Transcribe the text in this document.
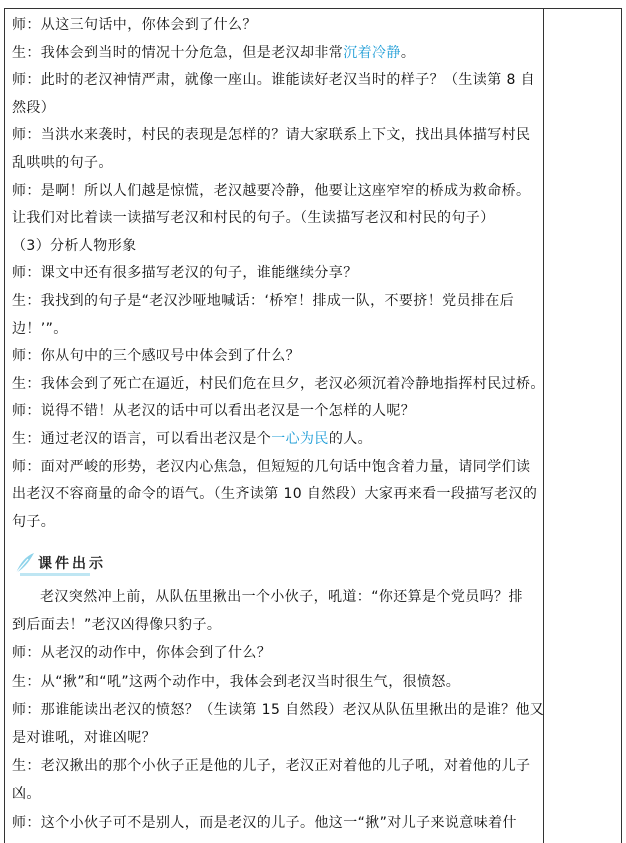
师：从这三句话中，你体会到了什么？
生：我体会到当时的情况十分危急，但是老汉却非常沉着冷静。
师：此时的老汉神情严肃，就像一座山。谁能读好老汉当时的样子？（生读第 8 自
然段）
师：当洪水来袭时，村民的表现是怎样的？请大家联系上下文，找出具体描写村民
乱哄哄的句子。
师：是啊！所以人们越是惊慌，老汉越要冷静，他要让这座窄窄的桥成为救命桥。
让我们对比着读一读描写老汉和村民的句子。（生读描写老汉和村民的句子）
（3）分析人物形象
师：课文中还有很多描写老汉的句子，谁能继续分享？
生：我找到的句子是“老汉沙哑地喊话：‘桥窄！排成一队，不要挤！党员排在后
边！’”。
师：你从句中的三个感叹号中体会到了什么？
生：我体会到了死亡在逼近，村民们危在旦夕，老汉必须沉着冷静地指挥村民过桥。
师：说得不错！从老汉的话中可以看出老汉是一个怎样的人呢？
生：通过老汉的语言，可以看出老汉是个一心为民的人。
师：面对严峻的形势，老汉内心焦急，但短短的几句话中饱含着力量，请同学们读
出老汉不容商量的命令的语气。（生齐读第 10 自然段）大家再来看一段描写老汉的
句子。
课件出示
老汉突然冲上前，从队伍里揪出一个小伙子，吼道：“你还算是个党员吗？排
到后面去！”老汉凶得像只豹子。
师：从老汉的动作中，你体会到了什么？
生：从“揪”和“吼”这两个动作中，我体会到老汉当时很生气，很愤怒。
师：那谁能读出老汉的愤怒？（生读第 15 自然段）老汉从队伍里揪出的是谁？他又
是对谁吼，对谁凶呢？
生：老汉揪出的那个小伙子正是他的儿子，老汉正对着他的儿子吼，对着他的儿子
凶。
师：这个小伙子可不是别人，而是老汉的儿子。他这一“揪”对儿子来说意味着什
